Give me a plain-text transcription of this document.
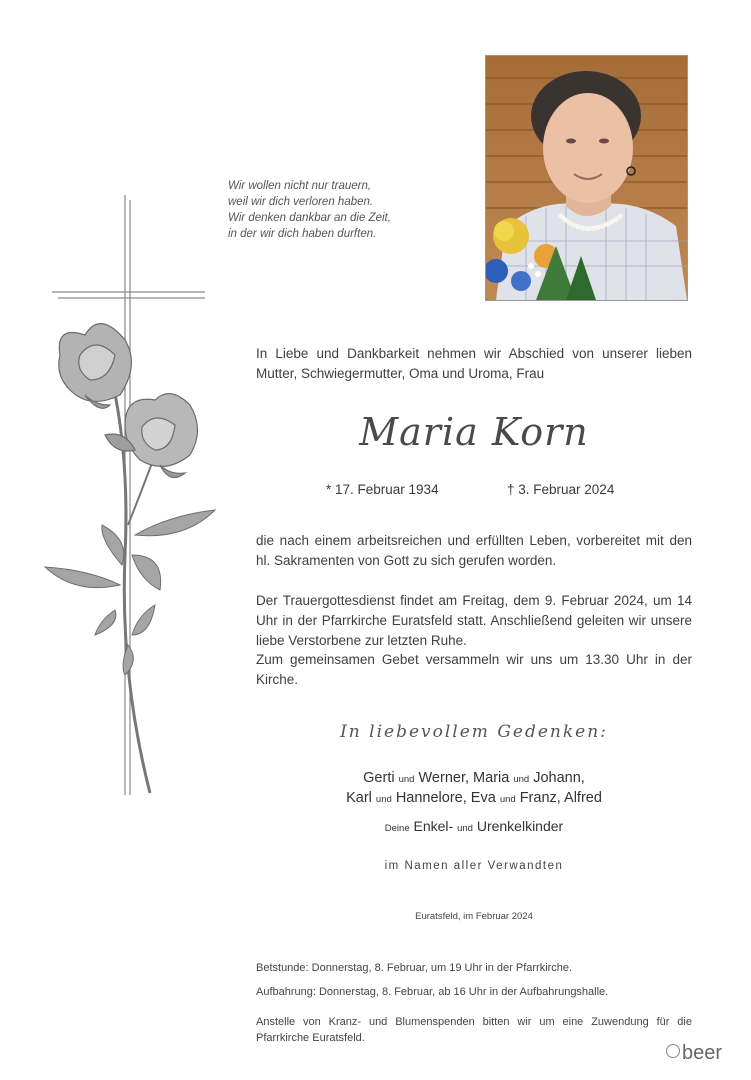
Wir wollen nicht nur trauern,
weil wir dich verloren haben.
Wir denken dankbar an die Zeit,
in der wir dich haben durften.
In Liebe und Dankbarkeit nehmen wir Abschied von unserer lieben Mutter, Schwiegermutter, Oma und Uroma, Frau
Maria Korn
* 17. Februar 1934	† 3. Februar 2024
die nach einem arbeitsreichen und erfüllten Leben, vorbereitet mit den hl. Sakramenten von Gott zu sich gerufen worden.
Der Trauergottesdienst findet am Freitag, dem 9. Februar 2024, um 14 Uhr in der Pfarrkirche Euratsfeld statt. Anschließend geleiten wir unsere liebe Verstorbene zur letzten Ruhe.
Zum gemeinsamen Gebet versammeln wir uns um 13.30 Uhr in der Kirche.
In liebevollem Gedenken:
Gerti und Werner, Maria und Johann,
Karl und Hannelore, Eva und Franz, Alfred
Deine Enkel- und Urenkelkinder
im Namen aller Verwandten
Euratsfeld, im Februar 2024
Betstunde: Donnerstag, 8. Februar, um 19 Uhr in der Pfarrkirche.
Aufbahrung: Donnerstag, 8. Februar, ab 16 Uhr in der Aufbahrungshalle.
Anstelle von Kranz- und Blumenspenden bitten wir um eine Zuwendung für die Pfarrkirche Euratsfeld.
beer
